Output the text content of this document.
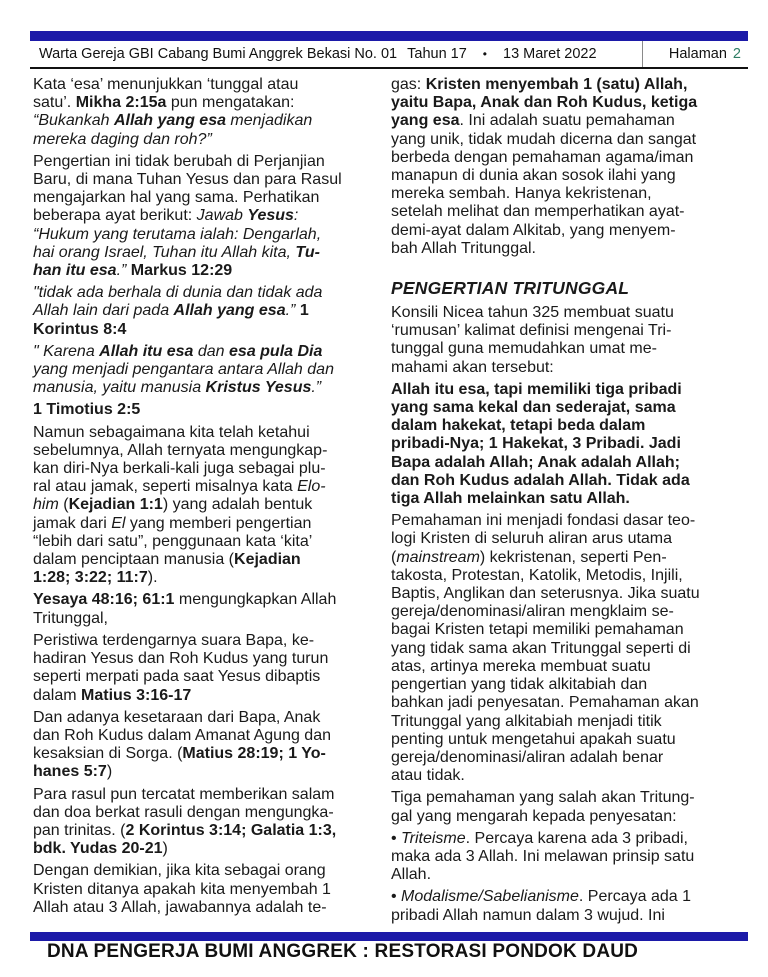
Warta Gereja GBI Cabang Bumi Anggrek Bekasi No. 01 Tahun 17 • 13 Maret 2022	Halaman 2
Kata ‘esa’ menunjukkan ‘tunggal atau
satu’. Mikha 2:15a pun mengatakan:
“Bukankah Allah yang esa menjadikan
mereka daging dan roh?”
Pengertian ini tidak berubah di Perjanjian
Baru, di mana Tuhan Yesus dan para Rasul
mengajarkan hal yang sama. Perhatikan
beberapa ayat berikut: Jawab Yesus:
“Hukum yang terutama ialah: Dengarlah,
hai orang Israel, Tuhan itu Allah kita, Tu-
han itu esa.” Markus 12:29
"tidak ada berhala di dunia dan tidak ada
Allah lain dari pada Allah yang esa.” 1
Korintus 8:4
" Karena Allah itu esa dan esa pula Dia
yang menjadi pengantara antara Allah dan
manusia, yaitu manusia Kristus Yesus.”
1 Timotius 2:5
Namun sebagaimana kita telah ketahui
sebelumnya, Allah ternyata mengungkap-
kan diri-Nya berkali-kali juga sebagai plu-
ral atau jamak, seperti misalnya kata Elo-
him (Kejadian 1:1) yang adalah bentuk
jamak dari El yang memberi pengertian
“lebih dari satu”, penggunaan kata ‘kita’
dalam penciptaan manusia (Kejadian
1:28; 3:22; 11:7).
Yesaya 48:16; 61:1 mengungkapkan Allah
Tritunggal,
Peristiwa terdengarnya suara Bapa, ke-
hadiran Yesus dan Roh Kudus yang turun
seperti merpati pada saat Yesus dibaptis
dalam Matius 3:16-17
Dan adanya kesetaraan dari Bapa, Anak
dan Roh Kudus dalam Amanat Agung dan
kesaksian di Sorga. (Matius 28:19; 1 Yo-
hanes 5:7)
Para rasul pun tercatat memberikan salam
dan doa berkat rasuli dengan mengungka-
pan trinitas. (2 Korintus 3:14; Galatia 1:3,
bdk. Yudas 20-21)
Dengan demikian, jika kita sebagai orang
Kristen ditanya apakah kita menyembah 1
Allah atau 3 Allah, jawabannya adalah te-
gas: Kristen menyembah 1 (satu) Allah,
yaitu Bapa, Anak dan Roh Kudus, ketiga
yang esa. Ini adalah suatu pemahaman
yang unik, tidak mudah dicerna dan sangat
berbeda dengan pemahaman agama/iman
manapun di dunia akan sosok ilahi yang
mereka sembah. Hanya kekristenan,
setelah melihat dan memperhatikan ayat-
demi-ayat dalam Alkitab, yang menyem-
bah Allah Tritunggal.
PENGERTIAN TRITUNGGAL
Konsili Nicea tahun 325 membuat suatu
‘rumusan’ kalimat definisi mengenai Tri-
tunggal guna memudahkan umat me-
mahami akan tersebut:
Allah itu esa, tapi memiliki tiga pribadi
yang sama kekal dan sederajat, sama
dalam hakekat, tetapi beda dalam
pribadi-Nya; 1 Hakekat, 3 Pribadi. Jadi
Bapa adalah Allah; Anak adalah Allah;
dan Roh Kudus adalah Allah. Tidak ada
tiga Allah melainkan satu Allah.
Pemahaman ini menjadi fondasi dasar teo-
logi Kristen di seluruh aliran arus utama
(mainstream) kekristenan, seperti Pen-
takosta, Protestan, Katolik, Metodis, Injili,
Baptis, Anglikan dan seterusnya. Jika suatu
gereja/denominasi/aliran mengklaim se-
bagai Kristen tetapi memiliki pemahaman
yang tidak sama akan Tritunggal seperti di
atas, artinya mereka membuat suatu
pengertian yang tidak alkitabiah dan
bahkan jadi penyesatan. Pemahaman akan
Tritunggal yang alkitabiah menjadi titik
penting untuk mengetahui apakah suatu
gereja/denominasi/aliran adalah benar
atau tidak.
Tiga pemahaman yang salah akan Tritung-
gal yang mengarah kepada penyesatan:
• Triteisme. Percaya karena ada 3 pribadi,
maka ada 3 Allah. Ini melawan prinsip satu
Allah.
• Modalisme/Sabelianisme. Percaya ada 1
pribadi Allah namun dalam 3 wujud. Ini
DNA PENGERJA BUMI ANGGREK : RESTORASI PONDOK DAUD
